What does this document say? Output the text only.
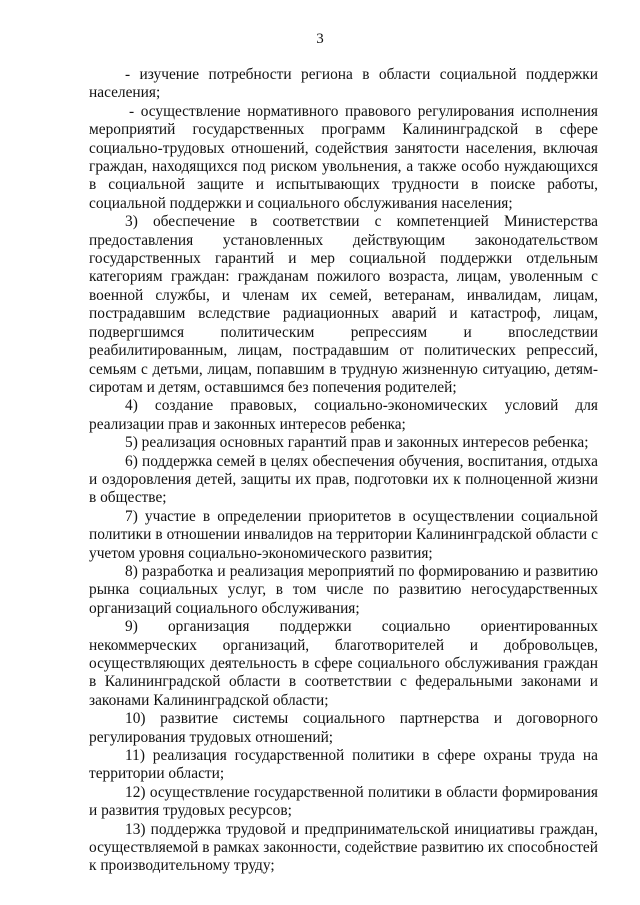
3

- изучение потребности региона в области социальной поддержки населения;

- осуществление нормативного правового регулирования исполнения мероприятий государственных программ Калининградской в сфере социально-трудовых отношений, содействия занятости населения, включая граждан, находящихся под риском увольнения, а также особо нуждающихся в социальной защите и испытывающих трудности в поиске работы, социальной поддержки и социального обслуживания населения;

3) обеспечение в соответствии с компетенцией Министерства предоставления установленных действующим законодательством государственных гарантий и мер социальной поддержки отдельным категориям граждан: гражданам пожилого возраста, лицам, уволенным с военной службы, и членам их семей, ветеранам, инвалидам, лицам, пострадавшим вследствие радиационных аварий и катастроф, лицам, подвергшимся политическим репрессиям и впоследствии реабилитированным, лицам, пострадавшим от политических репрессий, семьям с детьми, лицам, попавшим в трудную жизненную ситуацию, детям-сиротам и детям, оставшимся без попечения родителей;

4) создание правовых, социально-экономических условий для реализации прав и законных интересов ребенка;

5) реализация основных гарантий прав и законных интересов ребенка;

6) поддержка семей в целях обеспечения обучения, воспитания, отдыха и оздоровления детей, защиты их прав, подготовки их к полноценной жизни в обществе;

7) участие в определении приоритетов в осуществлении социальной политики в отношении инвалидов на территории Калининградской области с учетом уровня социально-экономического развития;

8) разработка и реализация мероприятий по формированию и развитию рынка социальных услуг, в том числе по развитию негосударственных организаций социального обслуживания;

9) организация поддержки социально ориентированных некоммерческих организаций, благотворителей и добровольцев, осуществляющих деятельность в сфере социального обслуживания граждан в Калининградской области в соответствии с федеральными законами и законами Калининградской области;

10) развитие системы социального партнерства и договорного регулирования трудовых отношений;

11) реализация государственной политики в сфере охраны труда на территории области;

12) осуществление государственной политики в области формирования и развития трудовых ресурсов;

13) поддержка трудовой и предпринимательской инициативы граждан, осуществляемой в рамках законности, содействие развитию их способностей к производительному труду;
